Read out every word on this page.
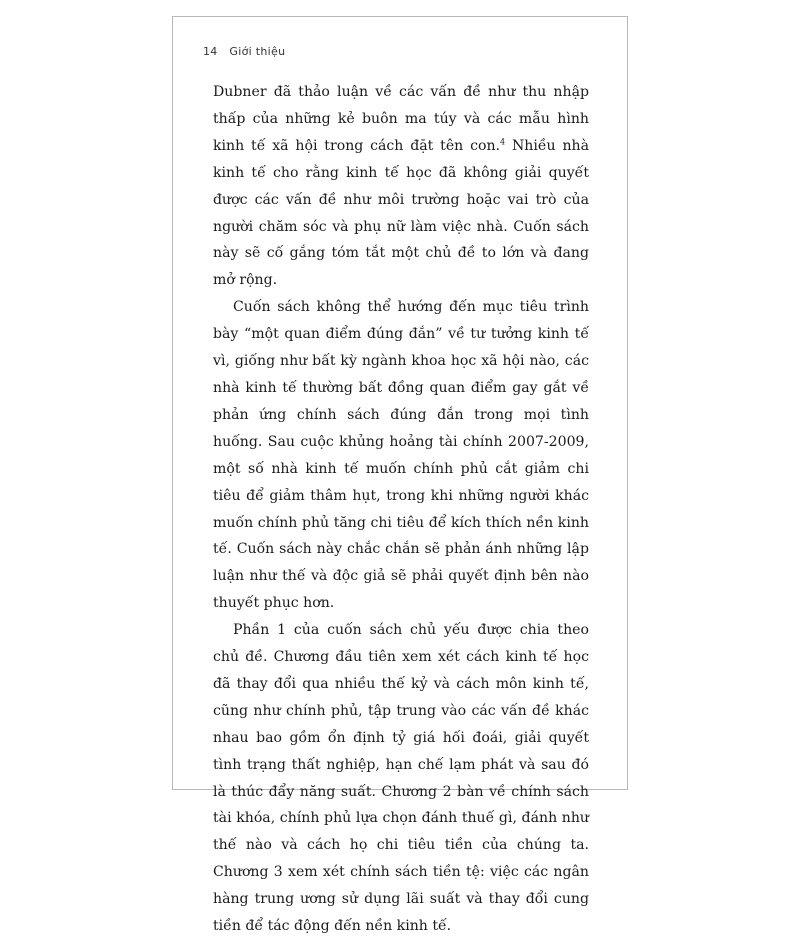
14 Giới thiệu

Dubner đã thảo luận về các vấn đề như thu nhập thấp của những kẻ buôn ma túy và các mẫu hình kinh tế xã hội trong cách đặt tên con.$^4$ Nhiều nhà kinh tế cho rằng kinh tế học đã không giải quyết được các vấn đề như môi trường hoặc vai trò của người chăm sóc và phụ nữ làm việc nhà. Cuốn sách này sẽ cố gắng tóm tắt một chủ đề to lớn và đang mở rộng.

Cuốn sách không thể hướng đến mục tiêu trình bày “một quan điểm đúng đắn” về tư tưởng kinh tế vì, giống như bất kỳ ngành khoa học xã hội nào, các nhà kinh tế thường bất đồng quan điểm gay gắt về phản ứng chính sách đúng đắn trong mọi tình huống. Sau cuộc khủng hoảng tài chính 2007-2009, một số nhà kinh tế muốn chính phủ cắt giảm chi tiêu để giảm thâm hụt, trong khi những người khác muốn chính phủ tăng chi tiêu để kích thích nền kinh tế. Cuốn sách này chắc chắn sẽ phản ánh những lập luận như thế và độc giả sẽ phải quyết định bên nào thuyết phục hơn.

Phần 1 của cuốn sách chủ yếu được chia theo chủ đề. Chương đầu tiên xem xét cách kinh tế học đã thay đổi qua nhiều thế kỷ và cách môn kinh tế, cũng như chính phủ, tập trung vào các vấn đề khác nhau bao gồm ổn định tỷ giá hối đoái, giải quyết tình trạng thất nghiệp, hạn chế lạm phát và sau đó là thúc đẩy năng suất. Chương 2 bàn về chính sách tài khóa, chính phủ lựa chọn đánh thuế gì, đánh như thế nào và cách họ chi tiêu tiền của chúng ta. Chương 3 xem xét chính sách tiền tệ: việc các ngân hàng trung ương sử dụng lãi suất và thay đổi cung tiền để tác động đến nền kinh tế.
